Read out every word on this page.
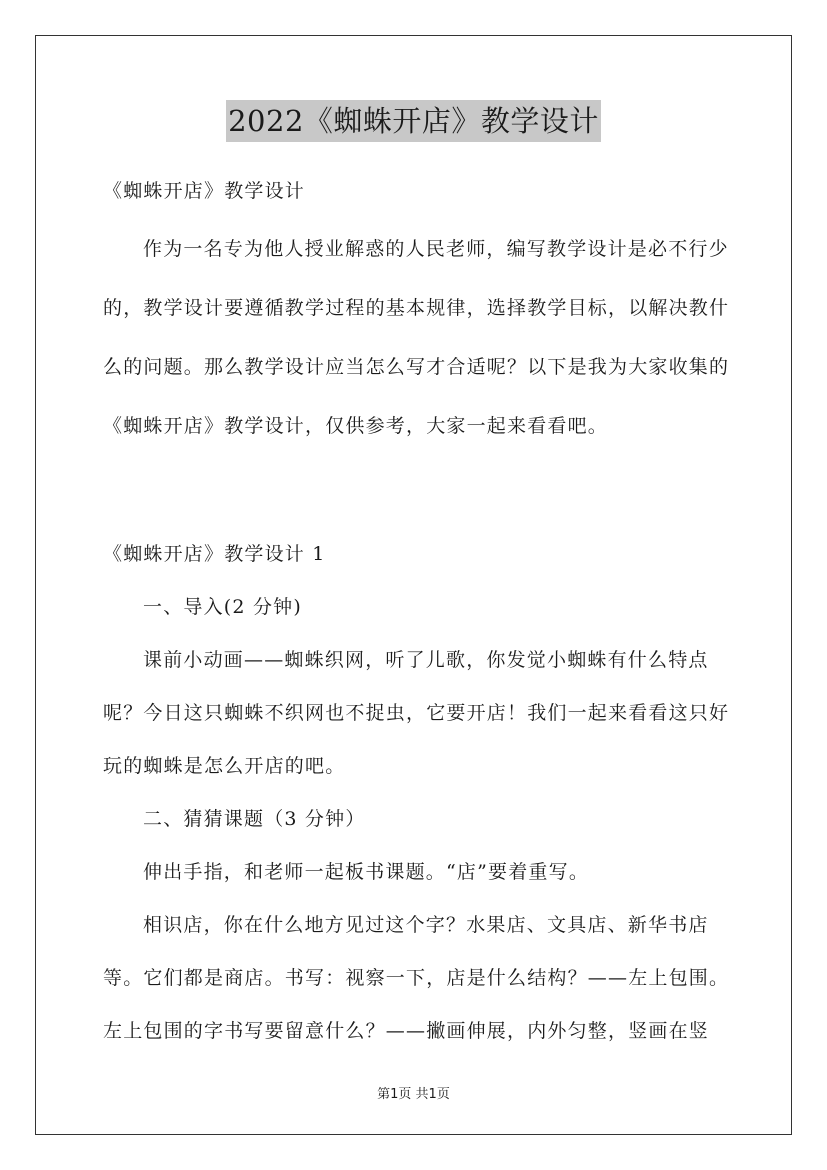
2022《蜘蛛开店》教学设计

《蜘蛛开店》教学设计

作为一名专为他人授业解惑的人民老师，编写教学设计是必不行少的，教学设计要遵循教学过程的基本规律，选择教学目标，以解决教什么的问题。那么教学设计应当怎么写才合适呢？以下是我为大家收集的《蜘蛛开店》教学设计，仅供参考，大家一起来看看吧。

《蜘蛛开店》教学设计 1

一、导入(2 分钟)

课前小动画——蜘蛛织网，听了儿歌，你发觉小蜘蛛有什么特点呢？今日这只蜘蛛不织网也不捉虫，它要开店！我们一起来看看这只好玩的蜘蛛是怎么开店的吧。

二、猜猜课题（3 分钟）

伸出手指，和老师一起板书课题。“店”要着重写。

相识店，你在什么地方见过这个字？水果店、文具店、新华书店等。它们都是商店。书写：视察一下，店是什么结构？——左上包围。左上包围的字书写要留意什么？——撇画伸展，内外匀整，竖画在竖

第1页 共1页
